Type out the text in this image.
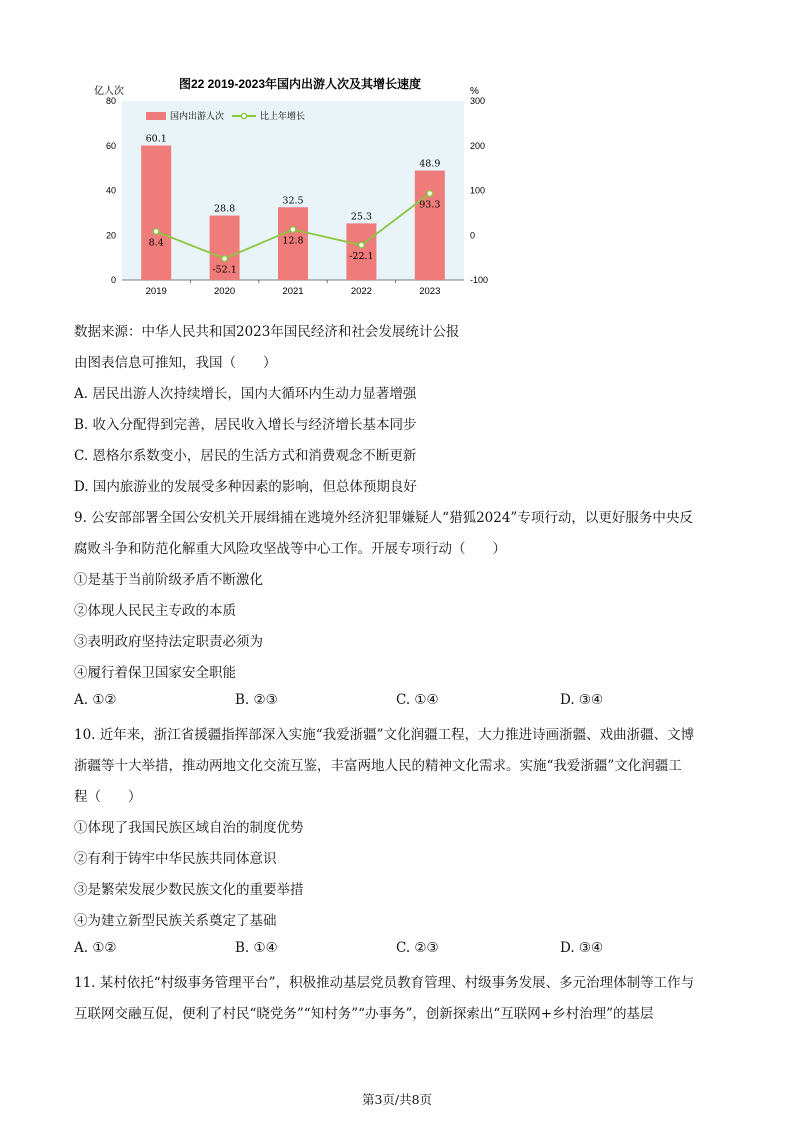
图22 2019-2023年国内出游人次及其增长速度
亿人次	%
国内出游人次	比上年增长
0
20
40
60
80
-100
0
100
200
300
60.1
2019
28.8
2020
32.5
2021
25.3
2022
48.9
2023
8.4
-52.1
12.8
-22.1
93.3
数据来源：中华人民共和国2023年国民经济和社会发展统计公报
由图表信息可推知，我国（　　）
A. 居民出游人次持续增长，国内大循环内生动力显著增强
B. 收入分配得到完善，居民收入增长与经济增长基本同步
C. 恩格尔系数变小，居民的生活方式和消费观念不断更新
D. 国内旅游业的发展受多种因素的影响，但总体预期良好
9. 公安部部署全国公安机关开展缉捕在逃境外经济犯罪嫌疑人“猎狐2024”专项行动，以更好服务中央反
腐败斗争和防范化解重大风险攻坚战等中心工作。开展专项行动（　　）
①是基于当前阶级矛盾不断激化
②体现人民民主专政的本质
③表明政府坚持法定职责必须为
④履行着保卫国家安全职能
A. ①②	B. ②③	C. ①④	D. ③④
10. 近年来，浙江省援疆指挥部深入实施“我爱浙疆”文化润疆工程，大力推进诗画浙疆、戏曲浙疆、文博
浙疆等十大举措，推动两地文化交流互鉴，丰富两地人民的精神文化需求。实施“我爱浙疆”文化润疆工
程（　　）
①体现了我国民族区域自治的制度优势
②有利于铸牢中华民族共同体意识
③是繁荣发展少数民族文化的重要举措
④为建立新型民族关系奠定了基础
A. ①②	B. ①④	C. ②③	D. ③④
11. 某村依托“村级事务管理平台”，积极推动基层党员教育管理、村级事务发展、多元治理体制等工作与
互联网交融互促，便利了村民“晓党务”“知村务”“办事务”，创新探索出“互联网+乡村治理”的基层
第3页/共8页
